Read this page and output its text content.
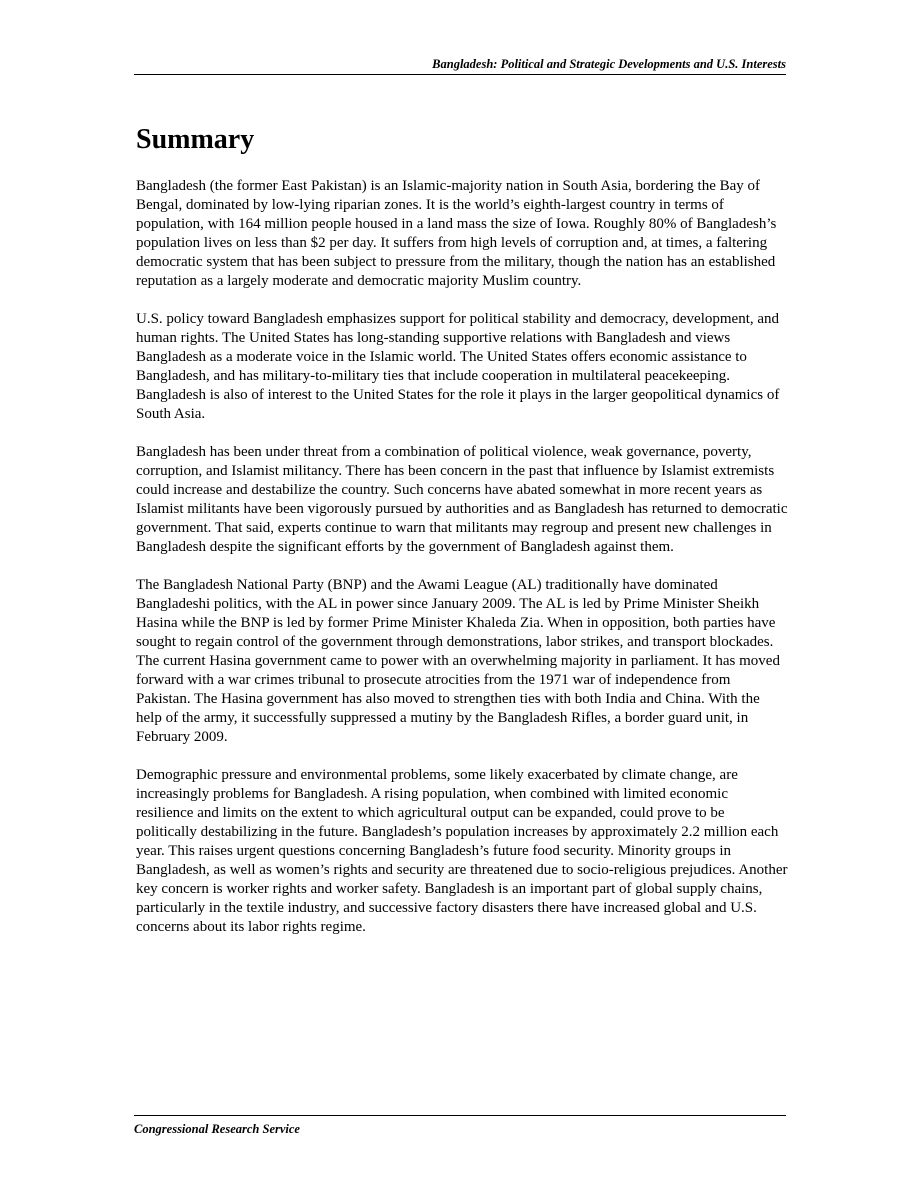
Bangladesh: Political and Strategic Developments and U.S. Interests
Summary

Bangladesh (the former East Pakistan) is an Islamic-majority nation in South Asia, bordering the Bay of Bengal, dominated by low-lying riparian zones. It is the world’s eighth-largest country in terms of population, with 164 million people housed in a land mass the size of Iowa. Roughly 80% of Bangladesh’s population lives on less than $2 per day. It suffers from high levels of corruption and, at times, a faltering democratic system that has been subject to pressure from the military, though the nation has an established reputation as a largely moderate and democratic majority Muslim country.

U.S. policy toward Bangladesh emphasizes support for political stability and democracy, development, and human rights. The United States has long-standing supportive relations with Bangladesh and views Bangladesh as a moderate voice in the Islamic world. The United States offers economic assistance to Bangladesh, and has military-to-military ties that include cooperation in multilateral peacekeeping. Bangladesh is also of interest to the United States for the role it plays in the larger geopolitical dynamics of South Asia.

Bangladesh has been under threat from a combination of political violence, weak governance, poverty, corruption, and Islamist militancy. There has been concern in the past that influence by Islamist extremists could increase and destabilize the country. Such concerns have abated somewhat in more recent years as Islamist militants have been vigorously pursued by authorities and as Bangladesh has returned to democratic government. That said, experts continue to warn that militants may regroup and present new challenges in Bangladesh despite the significant efforts by the government of Bangladesh against them.

The Bangladesh National Party (BNP) and the Awami League (AL) traditionally have dominated Bangladeshi politics, with the AL in power since January 2009. The AL is led by Prime Minister Sheikh Hasina while the BNP is led by former Prime Minister Khaleda Zia. When in opposition, both parties have sought to regain control of the government through demonstrations, labor strikes, and transport blockades. The current Hasina government came to power with an overwhelming majority in parliament. It has moved forward with a war crimes tribunal to prosecute atrocities from the 1971 war of independence from Pakistan. The Hasina government has also moved to strengthen ties with both India and China. With the help of the army, it successfully suppressed a mutiny by the Bangladesh Rifles, a border guard unit, in February 2009.

Demographic pressure and environmental problems, some likely exacerbated by climate change, are increasingly problems for Bangladesh. A rising population, when combined with limited economic resilience and limits on the extent to which agricultural output can be expanded, could prove to be politically destabilizing in the future. Bangladesh’s population increases by approximately 2.2 million each year. This raises urgent questions concerning Bangladesh’s future food security. Minority groups in Bangladesh, as well as women’s rights and security are threatened due to socio-religious prejudices. Another key concern is worker rights and worker safety. Bangladesh is an important part of global supply chains, particularly in the textile industry, and successive factory disasters there have increased global and U.S. concerns about its labor rights regime.

Congressional Research Service
